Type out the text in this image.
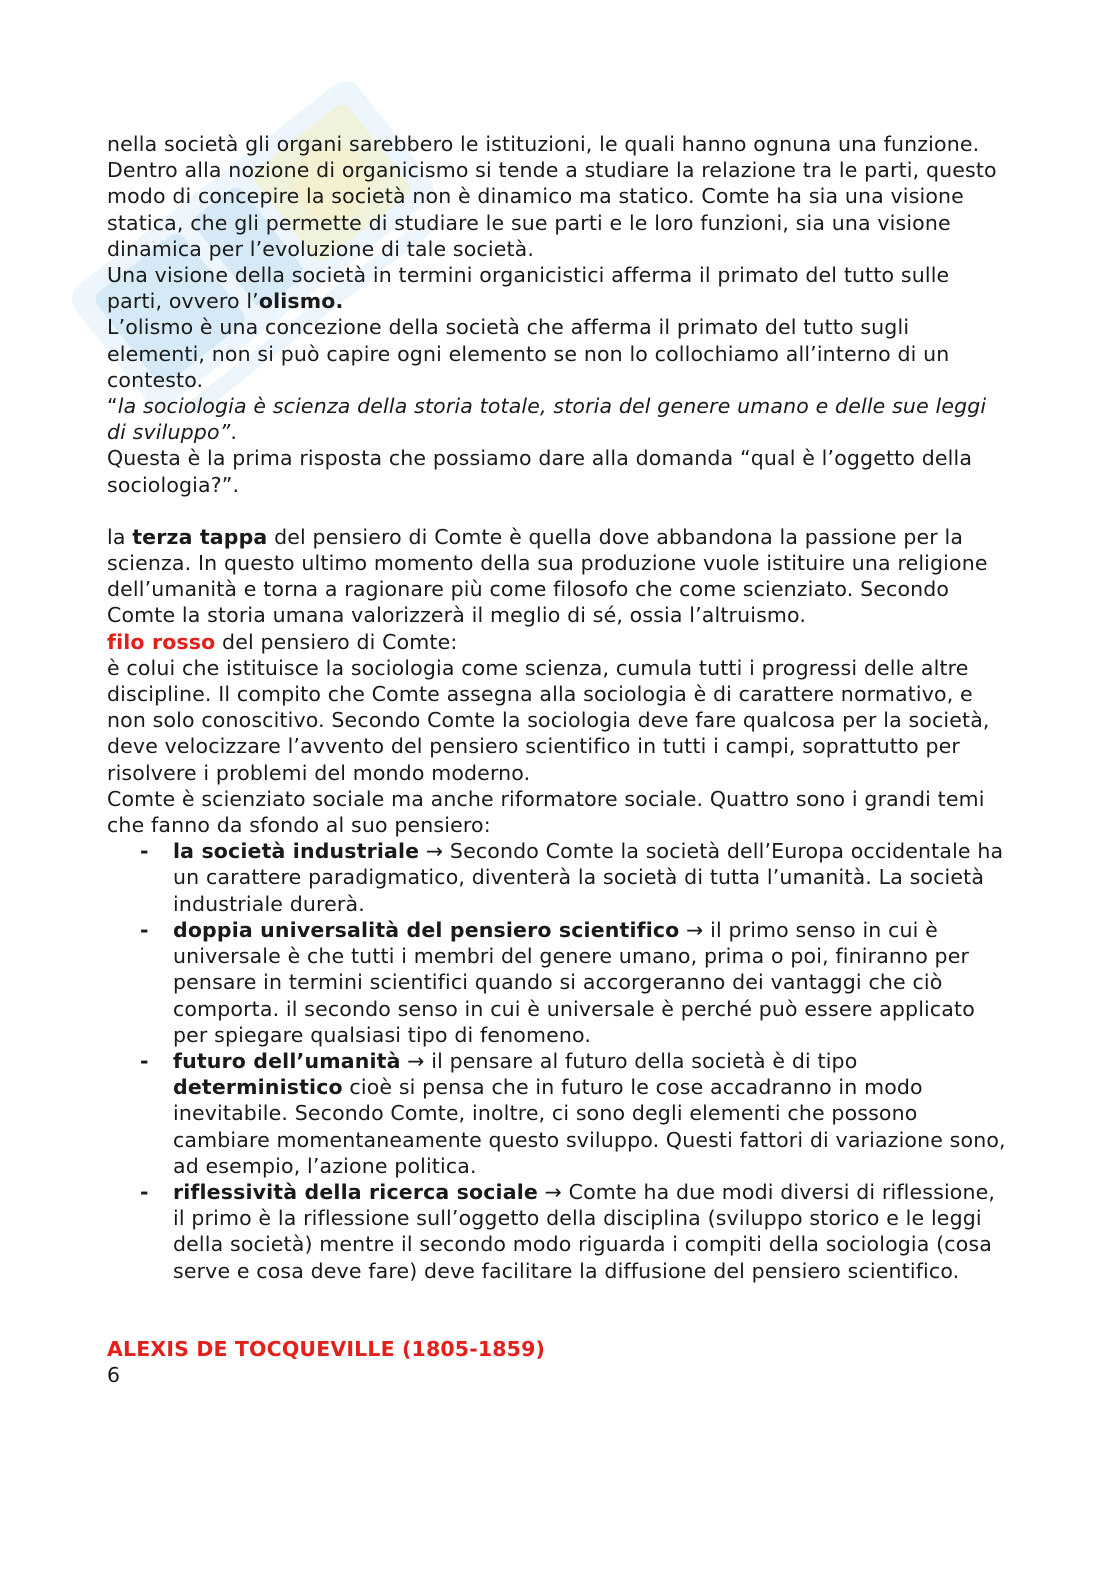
nella società gli organi sarebbero le istituzioni, le quali hanno ognuna una funzione.

Dentro alla nozione di organicismo si tende a studiare la relazione tra le parti, questo modo di concepire la società non è dinamico ma statico. Comte ha sia una visione statica, che gli permette di studiare le sue parti e le loro funzioni, sia una visione dinamica per l’evoluzione di tale società.

Una visione della società in termini organicistici afferma il primato del tutto sulle parti, ovvero l’olismo.

L’olismo è una concezione della società che afferma il primato del tutto sugli elementi, non si può capire ogni elemento se non lo collochiamo all’interno di un contesto.

“la sociologia è scienza della storia totale, storia del genere umano e delle sue leggi di sviluppo”.

Questa è la prima risposta che possiamo dare alla domanda “qual è l’oggetto della sociologia?”.

la terza tappa del pensiero di Comte è quella dove abbandona la passione per la scienza. In questo ultimo momento della sua produzione vuole istituire una religione dell’umanità e torna a ragionare più come filosofo che come scienziato. Secondo Comte la storia umana valorizzerà il meglio di sé, ossia l’altruismo.

filo rosso del pensiero di Comte:

è colui che istituisce la sociologia come scienza, cumula tutti i progressi delle altre discipline. Il compito che Comte assegna alla sociologia è di carattere normativo, e non solo conoscitivo. Secondo Comte la sociologia deve fare qualcosa per la società, deve velocizzare l’avvento del pensiero scientifico in tutti i campi, soprattutto per risolvere i problemi del mondo moderno.

Comte è scienziato sociale ma anche riformatore sociale. Quattro sono i grandi temi che fanno da sfondo al suo pensiero:

- la società industriale → Secondo Comte la società dell’Europa occidentale ha un carattere paradigmatico, diventerà la società di tutta l’umanità. La società industriale durerà.
- doppia universalità del pensiero scientifico → il primo senso in cui è universale è che tutti i membri del genere umano, prima o poi, finiranno per pensare in termini scientifici quando si accorgeranno dei vantaggi che ciò comporta. il secondo senso in cui è universale è perché può essere applicato per spiegare qualsiasi tipo di fenomeno.
- futuro dell’umanità → il pensare al futuro della società è di tipo deterministico cioè si pensa che in futuro le cose accadranno in modo inevitabile. Secondo Comte, inoltre, ci sono degli elementi che possono cambiare momentaneamente questo sviluppo. Questi fattori di variazione sono, ad esempio, l’azione politica.
- riflessività della ricerca sociale → Comte ha due modi diversi di riflessione, il primo è la riflessione sull’oggetto della disciplina (sviluppo storico e le leggi della società) mentre il secondo modo riguarda i compiti della sociologia (cosa serve e cosa deve fare) deve facilitare la diffusione del pensiero scientifico.

ALEXIS DE TOCQUEVILLE (1805-1859)

6
